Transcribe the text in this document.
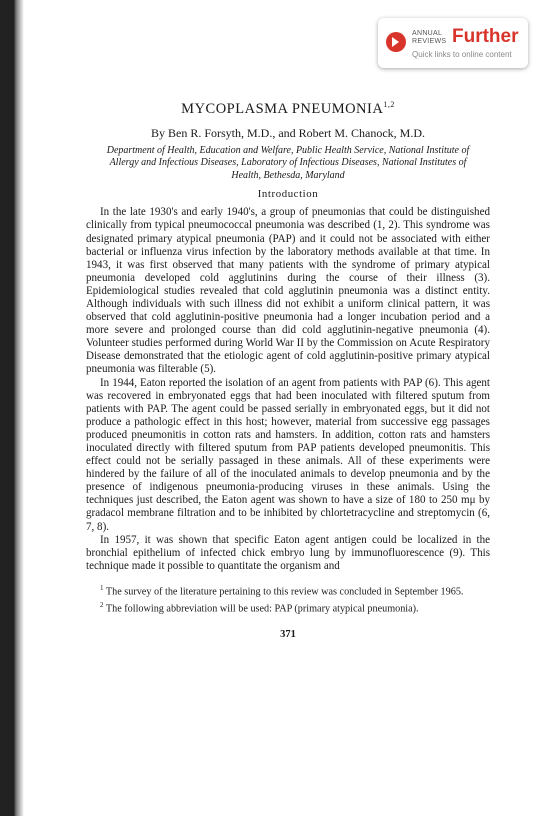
ANNUAL
REVIEWS Further
Quick links to online content
MYCOPLASMA PNEUMONIA$^{1,2}$
By Ben R. Forsyth, M.D., and Robert M. Chanock, M.D.
Department of Health, Education and Welfare, Public Health Service, National Institute of Allergy and Infectious Diseases, Laboratory of Infectious Diseases, National Institutes of Health, Bethesda, Maryland
Introduction

In the late 1930's and early 1940's, a group of pneumonias that could be distinguished clinically from typical pneumococcal pneumonia was described (1, 2). This syndrome was designated primary atypical pneumonia (PAP) and it could not be associated with either bacterial or influenza virus infection by the laboratory methods available at that time. In 1943, it was first observed that many patients with the syndrome of primary atypical pneumonia developed cold agglutinins during the course of their illness (3). Epidemiological studies revealed that cold agglutinin pneumonia was a distinct entity. Although individuals with such illness did not exhibit a uniform clinical pattern, it was observed that cold agglutinin-positive pneumonia had a longer incubation period and a more severe and prolonged course than did cold agglutinin-negative pneumonia (4). Volunteer studies performed during World War II by the Commission on Acute Respiratory Disease demonstrated that the etiologic agent of cold agglutinin-positive primary atypical pneumonia was filterable (5).

In 1944, Eaton reported the isolation of an agent from patients with PAP (6). This agent was recovered in embryonated eggs that had been inoculated with filtered sputum from patients with PAP. The agent could be passed serially in embryonated eggs, but it did not produce a pathologic effect in this host; however, material from successive egg passages produced pneumonitis in cotton rats and hamsters. In addition, cotton rats and hamsters inoculated directly with filtered sputum from PAP patients developed pneumonitis. This effect could not be serially passaged in these animals. All of these experiments were hindered by the failure of all of the inoculated animals to develop pneumonia and by the presence of indigenous pneumonia-producing viruses in these animals. Using the techniques just described, the Eaton agent was shown to have a size of 180 to 250 mμ by gradacol membrane filtration and to be inhibited by chlortetracycline and streptomycin (6, 7, 8).

In 1957, it was shown that specific Eaton agent antigen could be localized in the bronchial epithelium of infected chick embryo lung by immunofluorescence (9). This technique made it possible to quantitate the organism and

$^1$ The survey of the literature pertaining to this review was concluded in September 1965.

$^2$ The following abbreviation will be used: PAP (primary atypical pneumonia).

371
